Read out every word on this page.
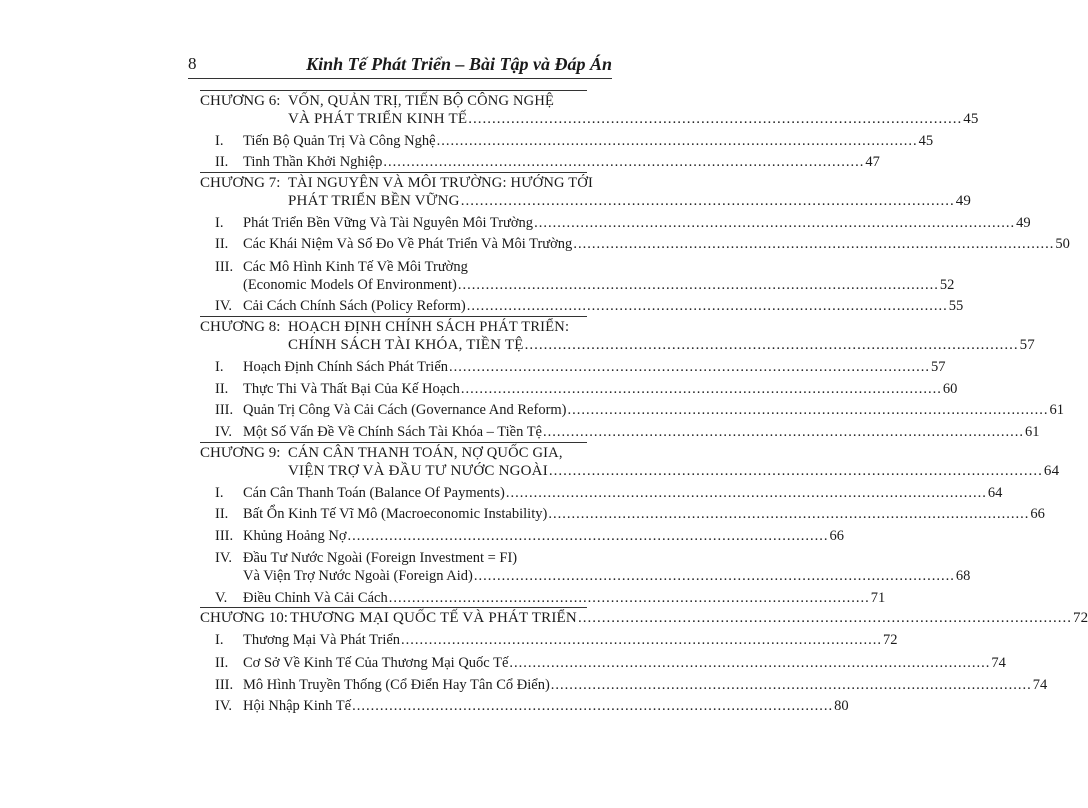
8	Kinh Tế Phát Triển – Bài Tập và Đáp Án
CHƯƠNG 6: VỐN, QUẢN TRỊ, TIẾN BỘ CÔNG NGHỆ
VÀ PHÁT TRIỂN KINH TẾ ........................................................................................................ 45
I. Tiến Bộ Quản Trị Và Công Nghệ ........................................................................................................ 45
II. Tinh Thần Khởi Nghiệp ........................................................................................................ 47
CHƯƠNG 7: TÀI NGUYÊN VÀ MÔI TRƯỜNG: HƯỚNG TỚI
PHÁT TRIỂN BỀN VỮNG ........................................................................................................ 49
I. Phát Triển Bền Vững Và Tài Nguyên Môi Trường ........................................................................................................ 49
II. Các Khái Niệm Và Số Đo Về Phát Triển Và Môi Trường ........................................................................................................ 50
III. Các Mô Hình Kinh Tế Về Môi Trường
(Economic Models Of Environment) ........................................................................................................ 52
IV. Cải Cách Chính Sách (Policy Reform) ........................................................................................................ 55
CHƯƠNG 8: HOẠCH ĐỊNH CHÍNH SÁCH PHÁT TRIỂN:
CHÍNH SÁCH TÀI KHÓA, TIỀN TỆ ........................................................................................................ 57
I. Hoạch Định Chính Sách Phát Triển ........................................................................................................ 57
II. Thực Thi Và Thất Bại Của Kế Hoạch ........................................................................................................ 60
III. Quản Trị Công Và Cải Cách (Governance And Reform) ........................................................................................................ 61
IV. Một Số Vấn Đề Về Chính Sách Tài Khóa – Tiền Tệ ........................................................................................................ 61
CHƯƠNG 9: CÁN CÂN THANH TOÁN, NỢ QUỐC GIA,
VIỆN TRỢ VÀ ĐẦU TƯ NƯỚC NGOÀI ........................................................................................................ 64
I. Cán Cân Thanh Toán (Balance Of Payments) ........................................................................................................ 64
II. Bất Ổn Kinh Tế Vĩ Mô (Macroeconomic Instability) ........................................................................................................ 66
III. Khủng Hoảng Nợ ........................................................................................................ 66
IV. Đầu Tư Nước Ngoài (Foreign Investment = FI)
Và Viện Trợ Nước Ngoài (Foreign Aid) ........................................................................................................ 68
V. Điều Chỉnh Và Cải Cách ........................................................................................................ 71
CHƯƠNG 10: THƯƠNG MẠI QUỐC TẾ VÀ PHÁT TRIỂN ........................................................................................................ 72
I. Thương Mại Và Phát Triển ........................................................................................................ 72
II. Cơ Sở Về Kinh Tế Của Thương Mại Quốc Tế ........................................................................................................ 74
III. Mô Hình Truyền Thống (Cổ Điển Hay Tân Cổ Điển) ........................................................................................................ 74
IV. Hội Nhập Kinh Tế ........................................................................................................ 80
